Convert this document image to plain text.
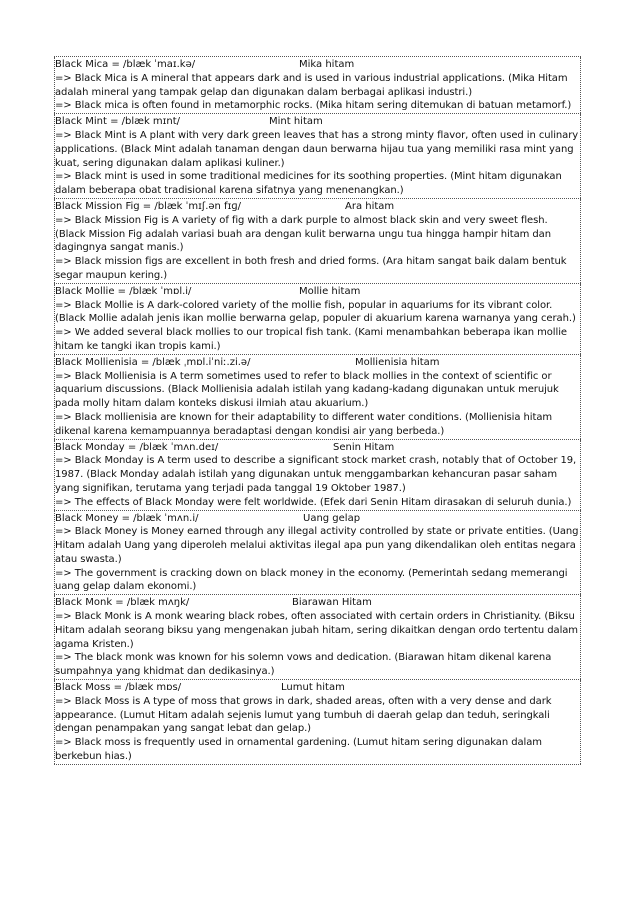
Black Mica = /blæk ˈmaɪ.kə/	Mika hitam
=> Black Mica is A mineral that appears dark and is used in various industrial applications. (Mika Hitam adalah mineral yang tampak gelap dan digunakan dalam berbagai aplikasi industri.)
=> Black mica is often found in metamorphic rocks. (Mika hitam sering ditemukan di batuan metamorf.)
Black Mint = /blæk mɪnt/	Mint hitam
=> Black Mint is A plant with very dark green leaves that has a strong minty flavor, often used in culinary applications. (Black Mint adalah tanaman dengan daun berwarna hijau tua yang memiliki rasa mint yang kuat, sering digunakan dalam aplikasi kuliner.)
=> Black mint is used in some traditional medicines for its soothing properties. (Mint hitam digunakan dalam beberapa obat tradisional karena sifatnya yang menenangkan.)
Black Mission Fig = /blæk ˈmɪʃ.ən fɪɡ/	Ara hitam
=> Black Mission Fig is A variety of fig with a dark purple to almost black skin and very sweet flesh. (Black Mission Fig adalah variasi buah ara dengan kulit berwarna ungu tua hingga hampir hitam dan dagingnya sangat manis.)
=> Black mission figs are excellent in both fresh and dried forms. (Ara hitam sangat baik dalam bentuk segar maupun kering.)
Black Mollie = /blæk ˈmɒl.i/	Mollie hitam
=> Black Mollie is A dark-colored variety of the mollie fish, popular in aquariums for its vibrant color. (Black Mollie adalah jenis ikan mollie berwarna gelap, populer di akuarium karena warnanya yang cerah.)
=> We added several black mollies to our tropical fish tank. (Kami menambahkan beberapa ikan mollie hitam ke tangki ikan tropis kami.)
Black Mollienisia = /blæk ˌmɒl.iˈniː.zi.ə/	Mollienisia hitam
=> Black Mollienisia is A term sometimes used to refer to black mollies in the context of scientific or aquarium discussions. (Black Mollienisia adalah istilah yang kadang-kadang digunakan untuk merujuk pada molly hitam dalam konteks diskusi ilmiah atau akuarium.)
=> Black mollienisia are known for their adaptability to different water conditions. (Mollienisia hitam dikenal karena kemampuannya beradaptasi dengan kondisi air yang berbeda.)
Black Monday = /blæk ˈmʌn.deɪ/	Senin Hitam
=> Black Monday is A term used to describe a significant stock market crash, notably that of October 19, 1987. (Black Monday adalah istilah yang digunakan untuk menggambarkan kehancuran pasar saham yang signifikan, terutama yang terjadi pada tanggal 19 Oktober 1987.)
=> The effects of Black Monday were felt worldwide. (Efek dari Senin Hitam dirasakan di seluruh dunia.)
Black Money = /blæk ˈmʌn.i/	Uang gelap
=> Black Money is Money earned through any illegal activity controlled by state or private entities. (Uang Hitam adalah Uang yang diperoleh melalui aktivitas ilegal apa pun yang dikendalikan oleh entitas negara atau swasta.)
=> The government is cracking down on black money in the economy. (Pemerintah sedang memerangi uang gelap dalam ekonomi.)
Black Monk = /blæk mʌŋk/	Biarawan Hitam
=> Black Monk is A monk wearing black robes, often associated with certain orders in Christianity. (Biksu Hitam adalah seorang biksu yang mengenakan jubah hitam, sering dikaitkan dengan ordo tertentu dalam agama Kristen.)
=> The black monk was known for his solemn vows and dedication. (Biarawan hitam dikenal karena sumpahnya yang khidmat dan dedikasinya.)
Black Moss = /blæk mɒs/	Lumut hitam
=> Black Moss is A type of moss that grows in dark, shaded areas, often with a very dense and dark appearance. (Lumut Hitam adalah sejenis lumut yang tumbuh di daerah gelap dan teduh, seringkali dengan penampakan yang sangat lebat dan gelap.)
=> Black moss is frequently used in ornamental gardening. (Lumut hitam sering digunakan dalam berkebun hias.)
